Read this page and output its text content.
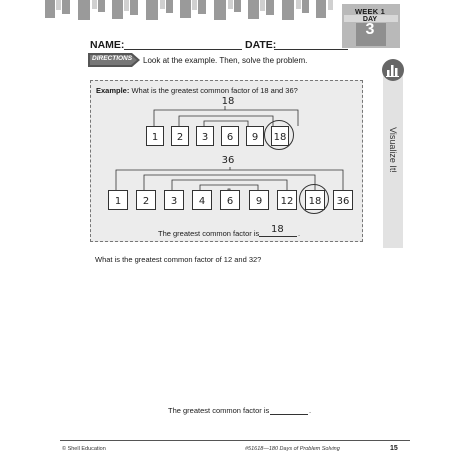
WEEK 1
DAY
3
NAME:	DATE:
DIRECTIONS Look at the example. Then, solve the problem.
Visualize It!
Example: What is the greatest common factor of 18 and 36?
18
1	2	3	6	9	18
36
1	2	3	4	6	9	12	18	36
The greatest common factor is 18 .
What is the greatest common factor of 12 and 32?
The greatest common factor is	.
© Shell Education	#51618—180 Days of Problem Solving	15
